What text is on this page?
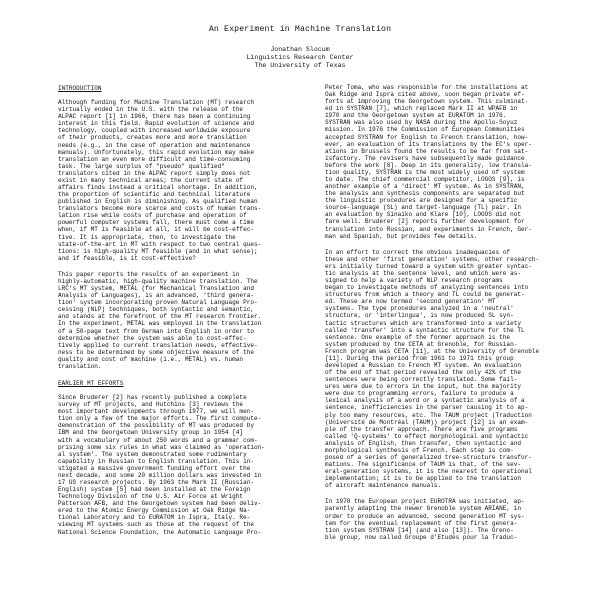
An Experiment in Machine Translation
Jonathan Slocum
Linguistics Research Center
The University of Texas
INTRODUCTION
Although funding for Machine Translation (MT) research
virtually ended in the U.S. with the release of the
ALPAC report [1] in 1966, there has been a continuing
interest in this field. Rapid evolution of science and
technology, coupled with increased worldwide exposure
of their products, creates more and more translation
needs (e.g., in the case of operation and maintenance
manuals). Unfortunately, this rapid evolution may make
translation an even more difficult and time-consuming
task. The large surplus of "pseudo" qualified"
translators cited in the ALPAC report simply does not
exist in many technical areas; the current state of
affairs finds instead a critical shortage. In addition,
the proportion of scientific and technical literature
published in English is diminishing. As qualified human
translators become more scarce and costs of human trans-
lation rise while costs of purchase and operation of
powerful computer systems fall, there must come a time
when, if MT is feasible at all, it will be cost-effec-
tive. It is appropriate, then, to investigate the
state-of-the-art in MT with respect to two central ques-
tions: is high-quality MT feasible (and in what sense);
and if feasible, is it cost-effective?
This paper reports the results of an experiment in
highly-automatic, high-quality machine translation. The
LRC's MT system, METAL (for Mechanical Translation and
Analysis of Languages), is an advanced, 'third genera-
tion' system incorporating proven Natural Language Pro-
cessing (NLP) techniques, both syntactic and semantic,
and stands at the forefront of the MT research frontier.
In the experiment, METAL was employed in the translation
of a 50-page text from German into English in order to
determine whether the system was able to cost-effec-
tively applied to current translation needs, effective-
ness to be determined by some objective measure of the
quality and cost of machine (i.e., METAL) vs. human
translation.
EARLIER MT EFFORTS
Since Bruderer [2] has recently published a complete
survey of MT projects, and Hutchins [3] reviews the
most important developments through 1977, we will men-
tion only a few of the major efforts. The first compute-
demonstration of the possibility of MT was produced by
IBM and the Georgetown University group in 1954 [4]
with a vocabulary of about 250 words and a grammar com-
prising some six rules in what was claimed as 'operation-
al system'. The system demonstrated some rudimentary
capability in Russian to English translation. This in-
stigated a massive government funding effort over the
next decade, and some 20 million dollars was invested in
17 US research projects. By 1963 the Mark II (Russian-
English) system [5] had been installed at the Foreign
Technology Division of the U.S. Air Force at Wright
Patterson AFB, and the Georgetown system had been deliv-
ered to the Atomic Energy Commission at Oak Ridge Na-
tional Laboratory and to EURATOM in Ispra, Italy. Re-
viewing MT systems such as those at the request of the
National Science Foundation, the Automatic Language Pro-
Peter Toma, who was responsible for the installations at
Oak Ridge and Ispra cited above, soon began private ef-
forts at improving the Georgetown system. This culminat-
ed in SYSTRAN [7], which replaced Mark II at WPAFB in
1970 and the Georgetown system at EURATOM in 1976.
SYSTRAN was also used by NASA during the Apollo-Soyuz
mission. In 1976 the Commission of European Communities
accepted SYSTRAN for English to French translation, how-
ever, an evaluation of its translations by the EC's oper-
ations in Brussels found the results to be far from sat-
isfactory. The revisers have subsequently made guidance
before the work [8]. Deep in its generality, low transla-
tion quality, SYSTRAN is the most widely used of system
to date. The chief commercial competitor, LOGOS [9], is
another example of a 'direct' MT system. As in SYSTRAN,
the analysis and synthesis components are separated but
the linguistic procedures are designed for a specific
source-language (SL) and target-language (TL) pair. In
an evaluation by Sinaiko and Klare [10], LOGOS did not
fare well. Bruderer [2] reports further development for
translation into Russian, and experiments in French, Ger-
man and Spanish, but provides few details.
In an effort to correct the obvious inadequacies of
these and other 'first generation' systems, other research-
ers initially turned toward a system with greater syntac-
tic analysis at the sentence level, and which were as-
signed to help a variety of NLP research programs
began to investigate methods of analyzing sentences into
structures from which a theory and TL could be generat-
ed. These are now termed 'second generation' MT
systems. The type procedures analyzed in a 'neutral'
structure, or 'interlingua', is now produced SL syn-
tactic structures which are transformed into a variety
called 'transfer' into a syntactic structure for the TL
sentence. One example of the former approach is the
system produced by the CETA at Grenoble, for Russian-
French program was CETA [11], at the University of Grenoble
[11]. During the period from 1961 to 1971 this group
developed a Russian to French MT system. An evaluation
of the end of that period revealed the only 42% of the
sentences were being correctly translated. Some fail-
ures were due to errors in the input, but the majority
were due to programming errors, failure to produce a
lexical analysis of a word or a syntactic analysis of a
sentence, inefficiencies in the parser causing it to ap-
ply too many resources, etc. The TAUM project (Traduction
(Université de Montréal (TAUM)) project [12] is an exam-
ple of the transfer approach. There are five programs
called 'Q-systems' to effect morphological and syntactic
analysis of English, then transfer, then syntactic and
morphological synthesis of French. Each step is com-
posed of a series of generalized tree-structure transfor-
mations. The significance of TAUM is that, of the sev-
eral-generation systems, it is the nearest to operational
implementation; it is to be applied to the translation
of aircraft maintenance manuals.
In 1978 the European project EUROTRA was initiated, ap-
parently adapting the newer Grenoble system ARIANE, in
order to produce an advanced, second generation MT sys-
tem for the eventual replacement of the first genera-
tion system SYSTRAN [14] (and also [13]). The Greno-
ble group, now called Groupe d'Etudes pour la Traduc-
